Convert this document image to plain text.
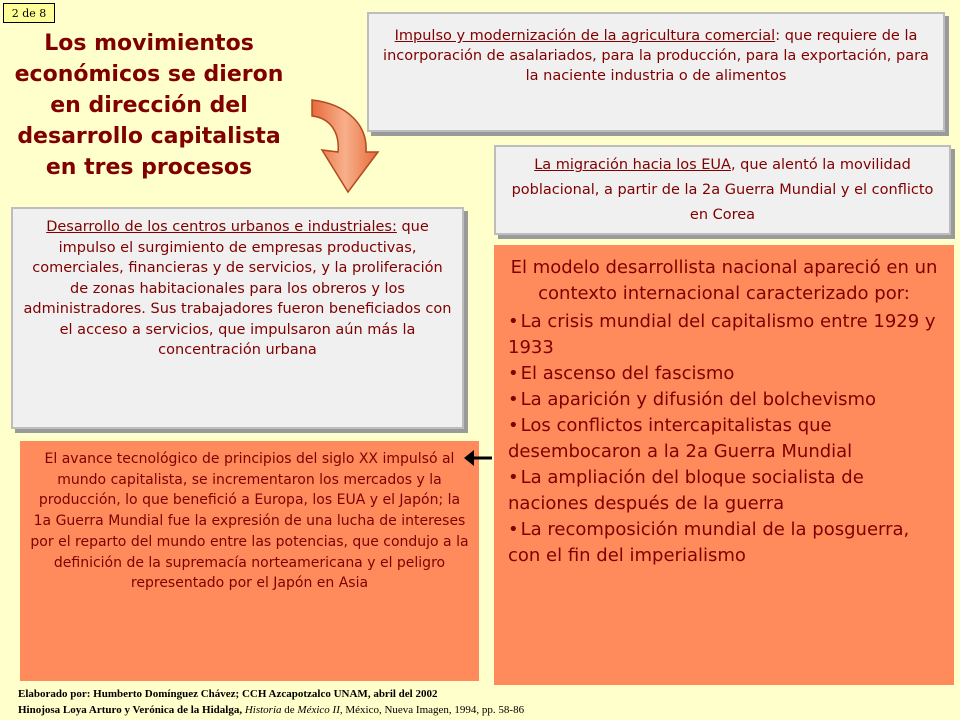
2 de 8
Los movimientos económicos se dieron en dirección del desarrollo capitalista en tres procesos
Impulso y modernización de la agricultura comercial: que requiere de la incorporación de asalariados, para la producción, para la exportación, para la naciente industria o de alimentos
La migración hacia los EUA, que alentó la movilidad poblacional, a partir de la 2a Guerra Mundial y el conflicto en Corea
Desarrollo de los centros urbanos e industriales: que impulso el surgimiento de empresas productivas, comerciales, financieras y de servicios, y la proliferación de zonas habitacionales para los obreros y los administradores. Sus trabajadores fueron beneficiados con el acceso a servicios, que impulsaron aún más la concentración urbana
El avance tecnológico de principios del siglo XX impulsó al mundo capitalista, se incrementaron los mercados y la producción, lo que benefició a Europa, los EUA y el Japón; la 1a Guerra Mundial fue la expresión de una lucha de intereses por el reparto del mundo entre las potencias, que condujo a la definición de la supremacía norteamericana y el peligro representado por el Japón en Asia
El modelo desarrollista nacional apareció en un contexto internacional caracterizado por:
• La crisis mundial del capitalismo entre 1929 y 1933
• El ascenso del fascismo
• La aparición y difusión del bolchevismo
• Los conflictos intercapitalistas que desembocaron a la 2a Guerra Mundial
• La ampliación del bloque socialista de naciones después de la guerra
• La recomposición mundial de la posguerra, con el fin del imperialismo
Elaborado por: Humberto Domínguez Chávez; CCH Azcapotzalco UNAM, abril del 2002
Hinojosa Loya Arturo y Verónica de la Hidalga, Historia de México II, México, Nueva Imagen, 1994, pp. 58-86
